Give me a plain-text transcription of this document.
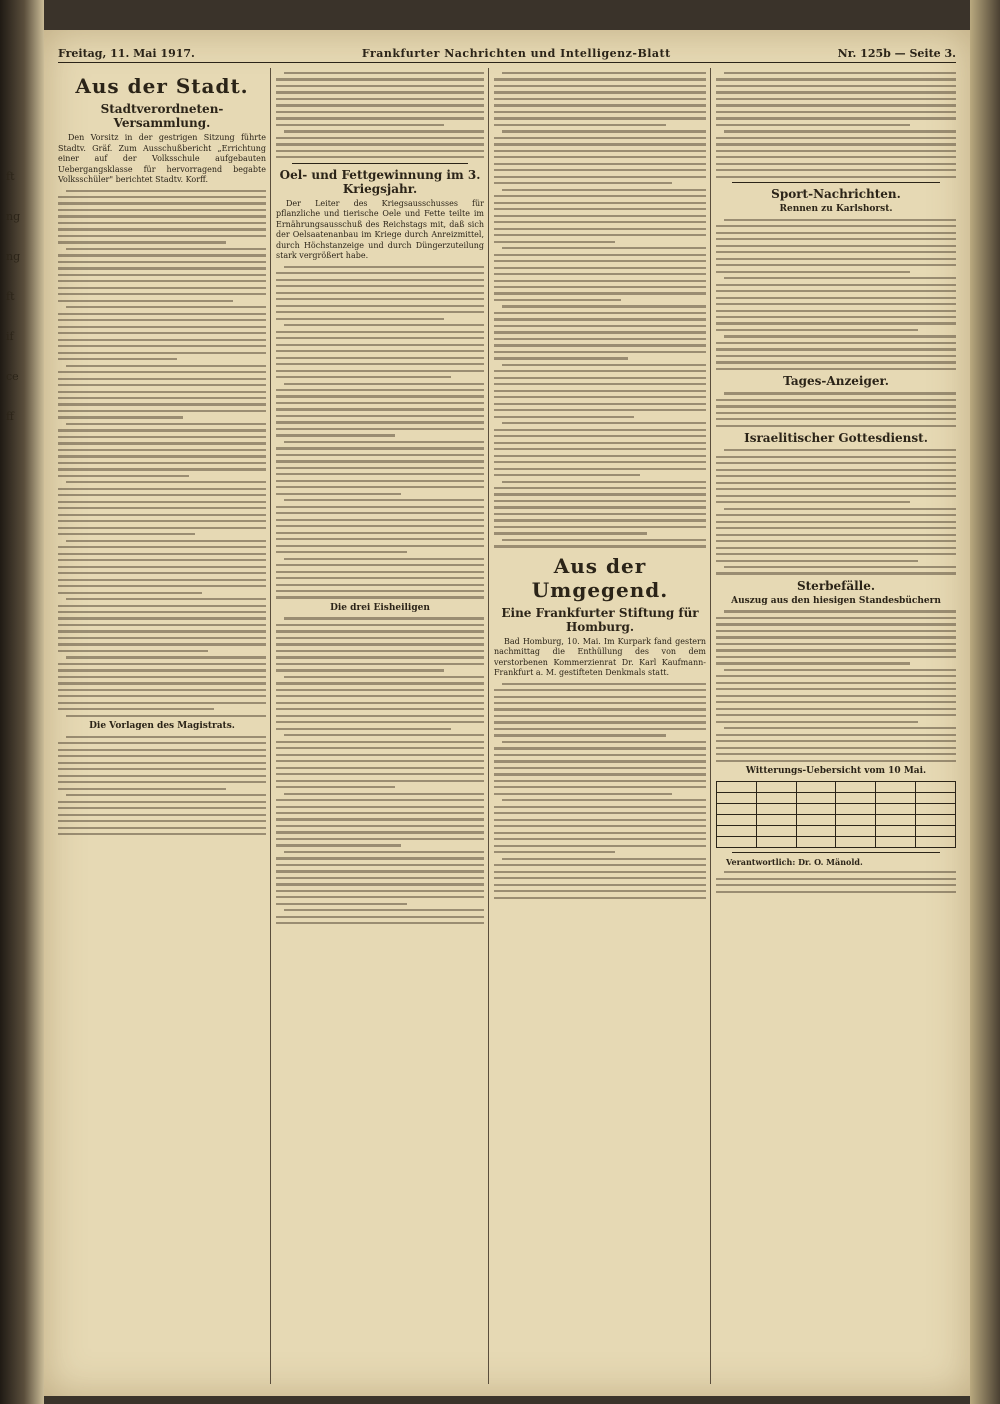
ft
ng
ng
ft
if
ce
ff
Freitag, 11. Mai 1917.	Frankfurter Nachrichten und Intelligenz-Blatt	Nr. 125b — Seite 3.
Aus der Stadt.
Stadtverordneten-Versammlung.

Den Vorsitz in der gestrigen Sitzung führte Stadtv. Gräf. Zum Ausschußbericht „Errichtung einer auf der Volksschule aufgebauten Uebergangsklasse für hervorragend begabte Volksschüler" berichtet Stadtv. Korff.

Die Vorlagen des Magistrats.
Oel- und Fettgewinnung im 3. Kriegsjahr.

Der Leiter des Kriegsausschusses für pflanzliche und tierische Oele und Fette teilte im Ernährungsausschuß des Reichstags mit, daß sich der Oelsaatenanbau im Kriege durch Anreizmittel, durch Höchstanzeige und durch Düngerzuteilung stark vergrößert habe.

Die drei Eisheiligen
Aus der Umgegend.
Eine Frankfurter Stiftung für Homburg.

Bad Homburg, 10. Mai. Im Kurpark fand gestern nachmittag die Enthüllung des von dem verstorbenen Kommerzienrat Dr. Karl Kaufmann-Frankfurt a. M. gestifteten Denkmals statt.

Sport-Nachrichten.
Rennen zu Karlshorst.
Tages-Anzeiger.
Israelitischer Gottesdienst.
Sterbefälle.
Auszug aus den hiesigen Standesbüchern
Witterungs-Uebersicht vom 10 Mai.

Verantwortlich: Dr. O. Mänold.
